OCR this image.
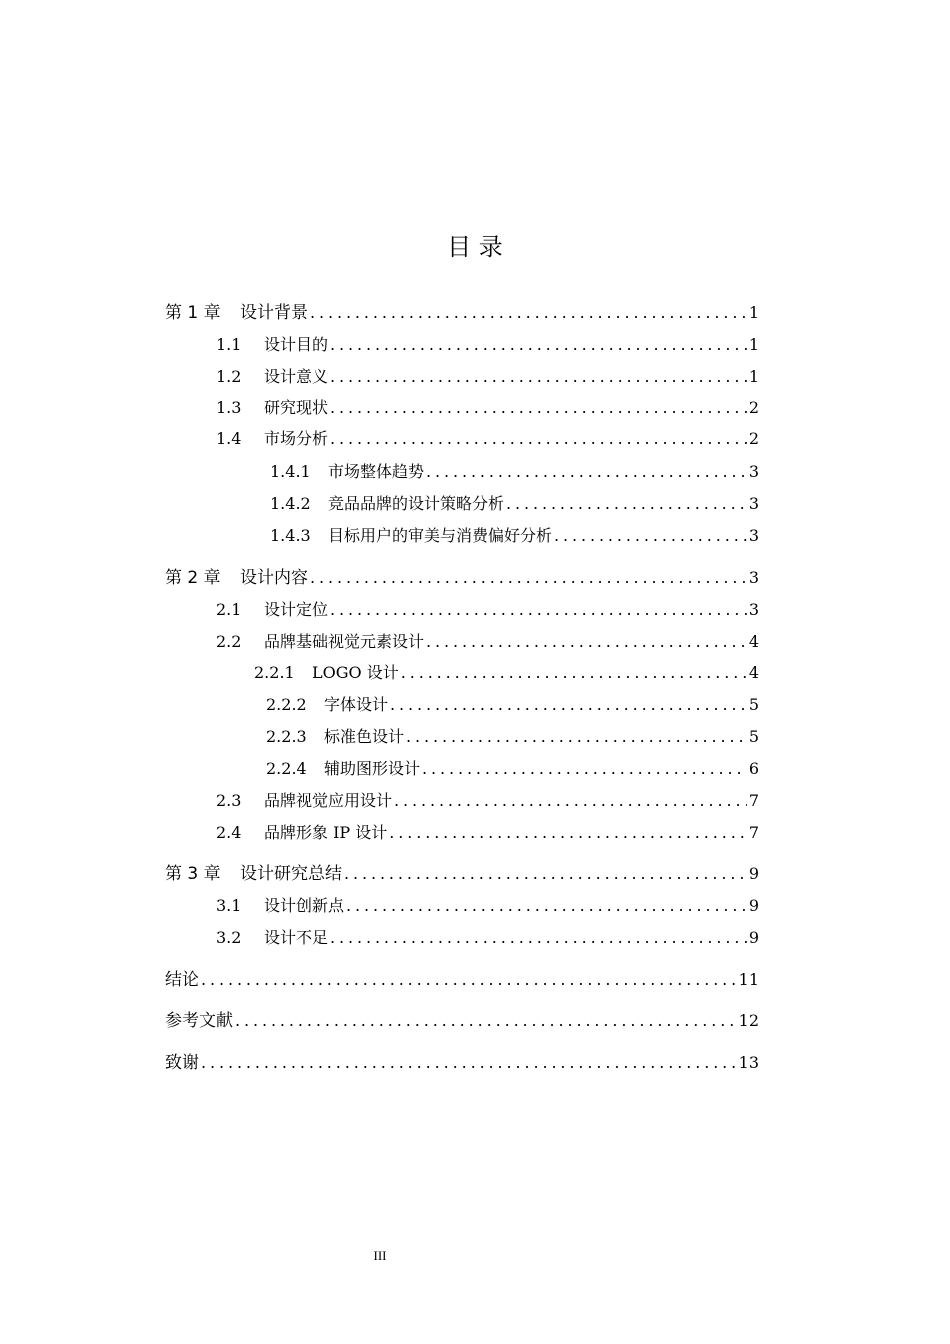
目 录
第 1 章	设计背景 .....	1
1.1	设计目的 .....	1
1.2	设计意义 .....	1
1.3	研究现状 .....	2
1.4	市场分析 .....	2
1.4.1	市场整体趋势 .....	3
1.4.2	竞品品牌的设计策略分析 .....	3
1.4.3	目标用户的审美与消费偏好分析 .....	3
第 2 章	设计内容 .....	3
2.1	设计定位 .....	3
2.2	品牌基础视觉元素设计 .....	4
2.2.1	LOGO 设计 .....	4
2.2.2	字体设计 .....	5
2.2.3	标准色设计 .....	5
2.2.4	辅助图形设计 .....	6
2.3	品牌视觉应用设计 .....	7
2.4	品牌形象 IP 设计 .....	7
第 3 章	设计研究总结 .....	9
3.1	设计创新点 .....	9
3.2	设计不足 .....	9
结论 .....	11
参考文献 .....	12
致谢 .....	13
III
